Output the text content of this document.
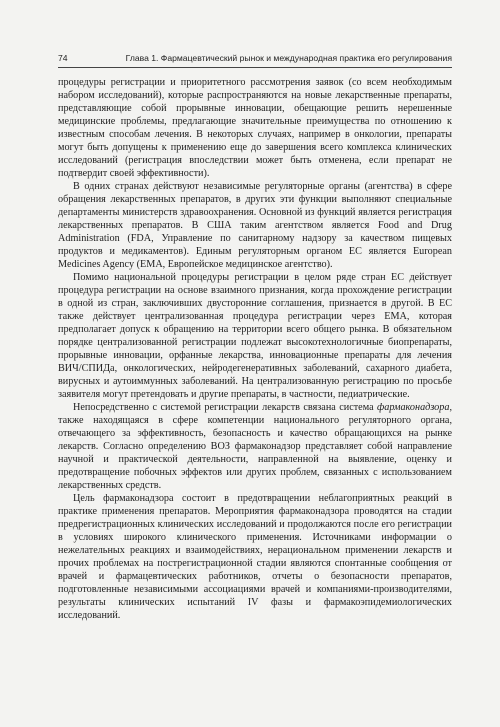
74	Глава 1. Фармацевтический рынок и международная практика его регулирования

процедуры регистрации и приоритетного рассмотрения заявок (со всем необходимым набором исследований), которые распространяются на новые лекарственные препараты, представляющие собой прорывные инновации, обещающие решить нерешенные медицинские проблемы, предлагающие значительные преимущества по отношению к известным способам лечения. В некоторых случаях, например в онкологии, препараты могут быть допущены к применению еще до завершения всего комплекса клинических исследований (регистрация впоследствии может быть отменена, если препарат не подтвердит своей эффективности).

В одних странах действуют независимые регуляторные органы (агентства) в сфере обращения лекарственных препаратов, в других эти функции выполняют специальные департаменты министерств здравоохранения. Основной из функций является регистрация лекарственных препаратов. В США таким агентством является Food and Drug Administration (FDA, Управление по санитарному надзору за качеством пищевых продуктов и медикаментов). Единым регуляторным органом ЕС является European Medicines Agency (EMA, Европейское медицинское агентство).

Помимо национальной процедуры регистрации в целом ряде стран ЕС действует процедура регистрации на основе взаимного признания, когда прохождение регистрации в одной из стран, заключивших двусторонние соглашения, признается в другой. В ЕС также действует централизованная процедура регистрации через EMA, которая предполагает допуск к обращению на территории всего общего рынка. В обязательном порядке централизованной регистрации подлежат высокотехнологичные биопрепараты, прорывные инновации, орфанные лекарства, инновационные препараты для лечения ВИЧ/СПИДа, онкологических, нейродегенеративных заболеваний, сахарного диабета, вирусных и аутоиммунных заболеваний. На централизованную регистрацию по просьбе заявителя могут претендовать и другие препараты, в частности, педиатрические.

Непосредственно с системой регистрации лекарств связана система фармаконадзора, также находящаяся в сфере компетенции национального регуляторного органа, отвечающего за эффективность, безопасность и качество обращающихся на рынке лекарств. Согласно определению ВОЗ фармаконадзор представляет собой направление научной и практической деятельности, направленной на выявление, оценку и предотвращение побочных эффектов или других проблем, связанных с использованием лекарственных средств.

Цель фармаконадзора состоит в предотвращении неблагоприятных реакций в практике применения препаратов. Мероприятия фармаконадзора проводятся на стадии предрегистрационных клинических исследований и продолжаются после его регистрации в условиях широкого клинического применения. Источниками информации о нежелательных реакциях и взаимодействиях, нерациональном применении лекарств и прочих проблемах на пострегистрационной стадии являются спонтанные сообщения от врачей и фармацевтических работников, отчеты о безопасности препаратов, подготовленные независимыми ассоциациями врачей и компаниями-производителями, результаты клинических испытаний IV фазы и фармакоэпидемиологических исследований.
